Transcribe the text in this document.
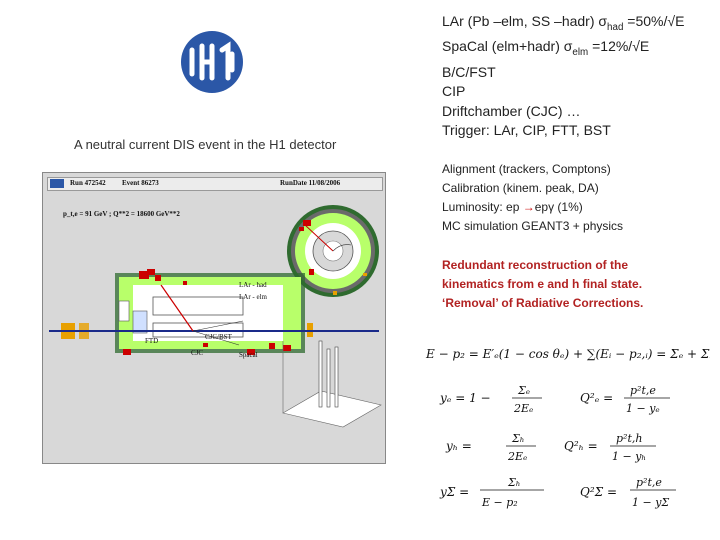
A neutral current DIS event in the H1 detector
Run 472542 Event 86273	RunDate 11/08/2006
p_t,e = 91 GeV ; Q**2 = 18600 GeV**2
LAr - had
LAr - elm
CJC/BST
FTD
CJC	Spacal
LAr (Pb –elm, SS –hadr) $\sigma_{had} =50\%/√E$
SpaCal (elm+hadr) $\sigma_{elm} =12\%/√E$
B/C/FST
CIP
Driftchamber (CJC) …
Trigger: LAr, CIP, FTT, BST
Alignment (trackers, Comptons)
Calibration (kinem. peak, DA)
Luminosity: ep →epγ (1%)
MC simulation GEANT3 + physics
Redundant reconstruction of the
kinematics from e and h final state.
‘Removal’ of Radiative Corrections.
E − p₂ = E′ₑ(1 − cos θₑ) + ∑(Eᵢ − p₂,ᵢ) = Σₑ + Σₕ
yₑ = 1 −
Σₑ
2Eₑ
Q²ₑ =
p²t,e
1 − yₑ
yₕ =
Σₕ
2Eₑ
Q²ₕ =
p²t,h
1 − yₕ
yΣ =
Σₕ
E − p₂
Q²Σ =
p²t,e
1 − yΣ
